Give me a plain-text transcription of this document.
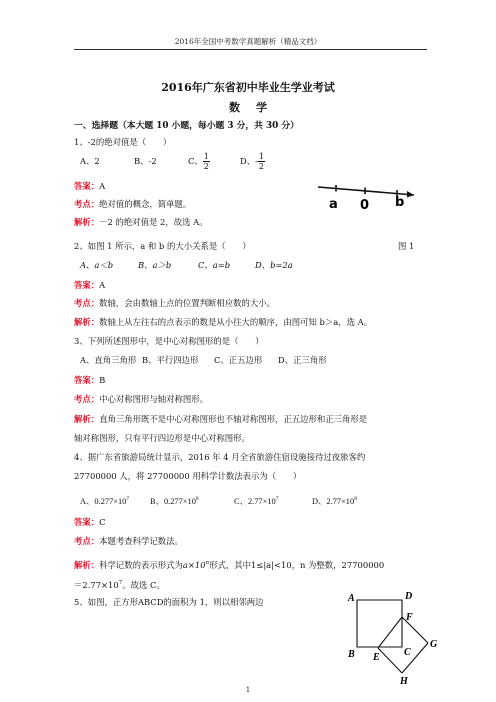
2016年全国中考数学真题解析（精品文档）
2016年广东省初中毕业生学业考试
数学
一、选择题（本大题 10 小题，每小题 3 分，共 30 分）
1、-2的绝对值是（　　）
A、2	B、-2	C、 $\frac{1}{2}$	D、- $\frac{1}{2}$
答案：A
考点：绝对值的概念，简单题。
解析：－2 的绝对值是 2，故选 A。
a 0 b
2、如图 1 所示，a 和 b 的大小关系是（　　）	图 1
A、a＜b	B、a＞b	C、a=b	D、b=2a
答案：A
考点：数轴，会由数轴上点的位置判断相应数的大小。
解析：数轴上从左往右的点表示的数是从小往大的顺序，由图可知 b＞a，选 A。
3、下列所述图形中，是中心对称图形的是（　　）
A、直角三角形 B、平行四边形 C、正五边形 D、正三角形
答案：B
考点：中心对称图形与轴对称图形。
解析：直角三角形既不是中心对称图形也不轴对称图形，正五边形和正三角形是
轴对称图形，只有平行四边形是中心对称图形。
4、据广东省旅游局统计显示，2016 年 4 月全省旅游住宿设施接待过夜旅客约
27700000 人，将 27700000 用科学计数法表示为（　　）
A、$0.277\times 10^7$ B、$0.277\times 10^8$	C、$2.77\times 10^7$	D、$2.77\times 10^8$
答案：C
考点：本题考查科学记数法。
解析：科学记数的表示形式为$a\times 10^n$形式，其中1≤|a|<10，n 为整数，27700000
$=2.77\times 10^7$。故选 C。
5、如图，正方形ABCD的面积为 1，则以相邻两边	A	D
F
G
C
B E
H
1
